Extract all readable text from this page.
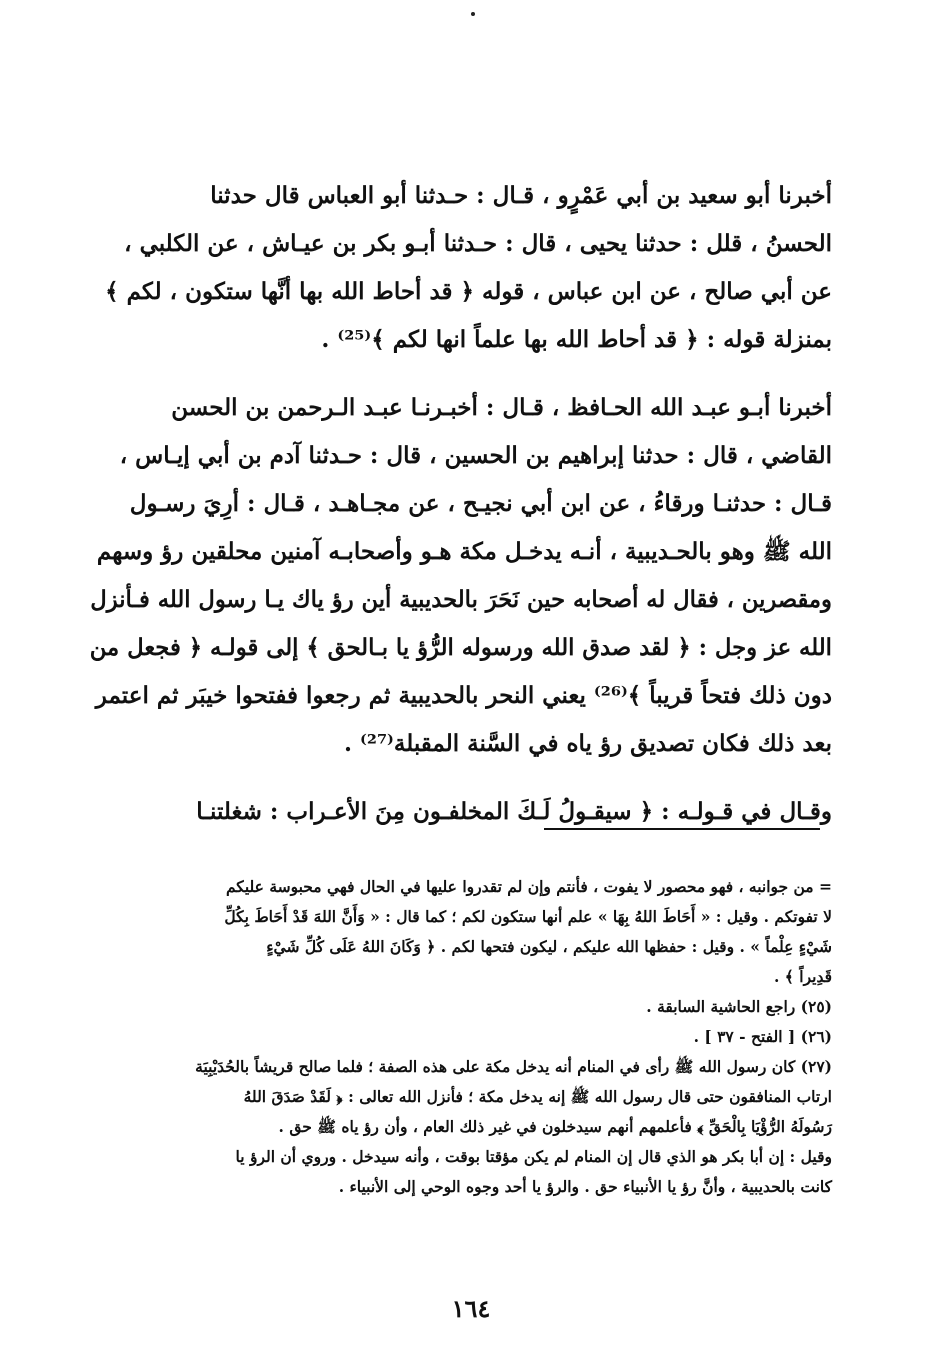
أخبرنا أبو سعيد بن أبي عَمْرٍو ، قـال : حـدثنا أبو العباس قال حدثنا
الحسنُ ، قلل : حدثنا يحيى ، قال : حـدثنا أبـو بكر بن عيـاش ، عن الكلبي ،
عن أبي صالح ، عن ابن عباس ، قوله ﴿ قد أحاط الله بها أنَّها ستكون ، لكم ﴾
بمنزلة قوله : ﴿ قد أحاط الله بها علماً انها لكم ﴾⁽²⁵⁾ .
أخبرنا أبـو عبـد الله الحـافظ ، قـال : أخبـرنـا عبـد الـرحمن بن الحسن
القاضي ، قال : حدثنا إبراهيم بن الحسين ، قال : حـدثنا آدم بن أبي إيـاس ،
قـال : حدثنـا ورقاءُ ، عن ابن أبي نجيـح ، عن مجـاهـد ، قـال : أرِيَ رسـول
الله ﷺ وهو بالحـديبية ، أنـه يدخـل مكة هـو وأصحابـه آمنين محلقين رؤ وسهم
ومقصرين ، فقال له أصحابه حين نَحَرَ بالحديبية أين رؤ ياك يـا رسول الله فـأنزل
الله عز وجل : ﴿ لقد صدق الله ورسوله الرُّؤ يا بـالحق ﴾ إلى قولـه ﴿ فجعل من
دون ذلك فتحاً قريباً ﴾⁽²⁶⁾ يعني النحر بالحديبية ثم رجعوا ففتحوا خيبَر ثم اعتمر
بعد ذلك فكان تصديق رؤ ياه في السَّنة المقبلة⁽²⁷⁾ .
وقـال في قـولـه : ﴿ سيقـولُ لَـكَ المخلفـون مِنَ الأعـراب : شغلتنـا
= من جوانبه ، فهو محصور لا يفوت ، فأنتم وإن لم تقدروا عليها في الحال فهي محبوسة عليكم
لا تفوتكم . وقيل : « أَحَاطَ اللهُ بِهَا » علم أنها ستكون لكم ؛ كما قال : « وَأَنَّ اللهَ قَدْ أَحَاطَ بِكُلِّ
شَيْءٍ عِلْماً » . وقيل : حفظها الله عليكم ، ليكون فتحها لكم . ﴿ وَكَانَ اللهُ عَلَى كُلِّ شَيْءٍ
قَدِيراً ﴾ .
(٢٥) راجع الحاشية السابقة .
(٢٦) [ الفتح - ٣٧ ] .
(٢٧) كان رسول الله ﷺ رأى في المنام أنه يدخل مكة على هذه الصفة ؛ فلما صالح قريشاً بالحُدَيْبِيَة
ارتاب المنافقون حتى قال رسول الله ﷺ إنه يدخل مكة ؛ فأنزل الله تعالى : ﴿ لَقَدْ صَدَقَ اللهُ
رَسُولَهُ الرُّؤْيَا بِالْحَقِّ ﴾ فأعلمهم أنهم سيدخلون في غير ذلك العام ، وأن رؤ ياه ﷺ حق .
وقيل : إن أبا بكر هو الذي قال إن المنام لم يكن مؤقتا بوقت ، وأنه سيدخل . وروي أن الرؤ يا
كانت بالحديبية ، وأنَّ رؤ يا الأنبياء حق . والرؤ يا أحد وجوه الوحي إلى الأنبياء .
١٦٤
